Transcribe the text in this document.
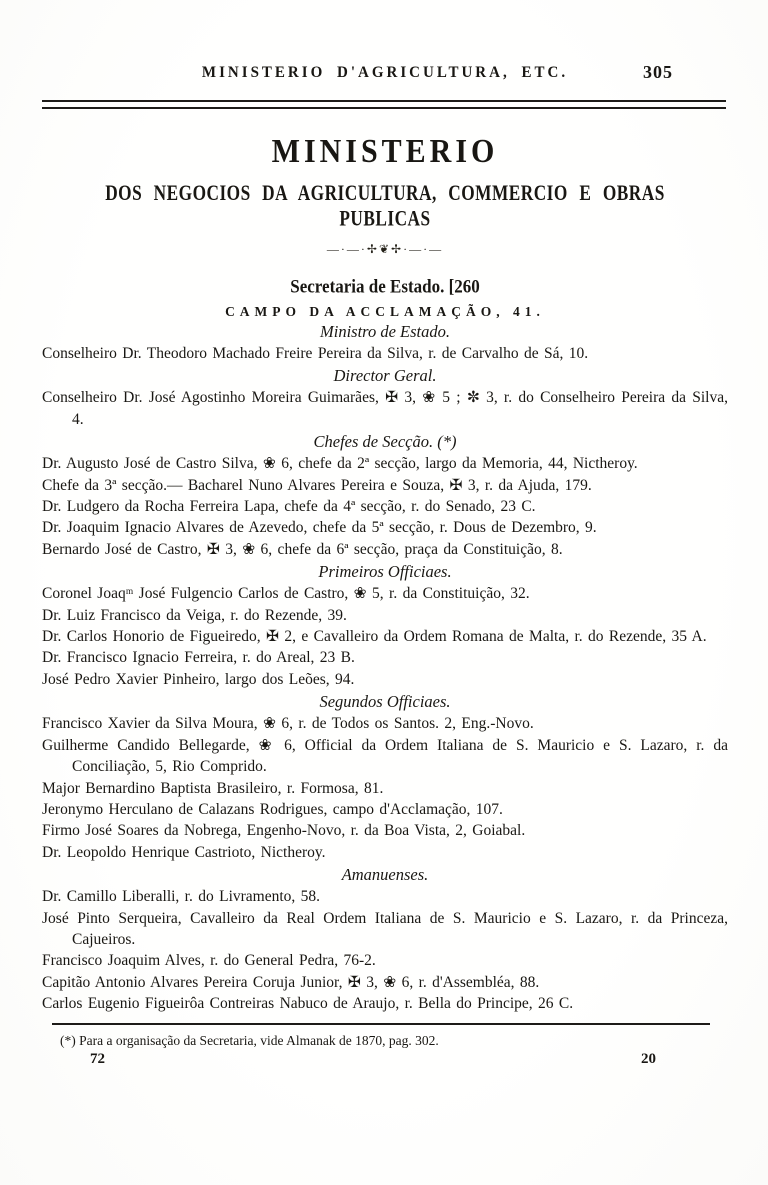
MINISTERIO D'AGRICULTURA, ETC.	305
MINISTERIO
DOS NEGOCIOS DA AGRICULTURA, COMMERCIO E OBRAS PUBLICAS
—·—·✢❦✢·—·—
Secretaria de Estado. [260
CAMPO DA ACCLAMAÇÃO, 41.
Ministro de Estado.

Conselheiro Dr. Theodoro Machado Freire Pereira da Silva, r. de Carvalho de Sá, 10.

Director Geral.

Conselheiro Dr. José Agostinho Moreira Guimarães, ✠ 3, ❀ 5 ; ✼ 3, r. do Conselheiro Pereira da Silva, 4.

Chefes de Secção. (*)

Dr. Augusto José de Castro Silva, ❀ 6, chefe da 2ª secção, largo da Memoria, 44, Nictheroy.

Chefe da 3ª secção.— Bacharel Nuno Alvares Pereira e Souza, ✠ 3, r. da Ajuda, 179.

Dr. Ludgero da Rocha Ferreira Lapa, chefe da 4ª secção, r. do Senado, 23 C.

Dr. Joaquim Ignacio Alvares de Azevedo, chefe da 5ª secção, r. Dous de Dezembro, 9.

Bernardo José de Castro, ✠ 3, ❀ 6, chefe da 6ª secção, praça da Constituição, 8.

Primeiros Officiaes.

Coronel Joaqᵐ José Fulgencio Carlos de Castro, ❀ 5, r. da Constituição, 32.

Dr. Luiz Francisco da Veiga, r. do Rezende, 39.

Dr. Carlos Honorio de Figueiredo, ✠ 2, e Cavalleiro da Ordem Romana de Malta, r. do Rezende, 35 A.

Dr. Francisco Ignacio Ferreira, r. do Areal, 23 B.

José Pedro Xavier Pinheiro, largo dos Leões, 94.

Segundos Officiaes.

Francisco Xavier da Silva Moura, ❀ 6, r. de Todos os Santos. 2, Eng.-Novo.

Guilherme Candido Bellegarde, ❀ 6, Official da Ordem Italiana de S. Mauricio e S. Lazaro, r. da Conciliação, 5, Rio Comprido.

Major Bernardino Baptista Brasileiro, r. Formosa, 81.

Jeronymo Herculano de Calazans Rodrigues, campo d'Acclamação, 107.

Firmo José Soares da Nobrega, Engenho-Novo, r. da Boa Vista, 2, Goiabal.

Dr. Leopoldo Henrique Castrioto, Nictheroy.

Amanuenses.

Dr. Camillo Liberalli, r. do Livramento, 58.

José Pinto Serqueira, Cavalleiro da Real Ordem Italiana de S. Mauricio e S. Lazaro, r. da Princeza, Cajueiros.

Francisco Joaquim Alves, r. do General Pedra, 76-2.

Capitão Antonio Alvares Pereira Coruja Junior, ✠ 3, ❀ 6, r. d'Assembléa, 88.

Carlos Eugenio Figueirôa Contreiras Nabuco de Araujo, r. Bella do Principe, 26 C.

(*) Para a organisação da Secretaria, vide Almanak de 1870, pag. 302.

72	20
